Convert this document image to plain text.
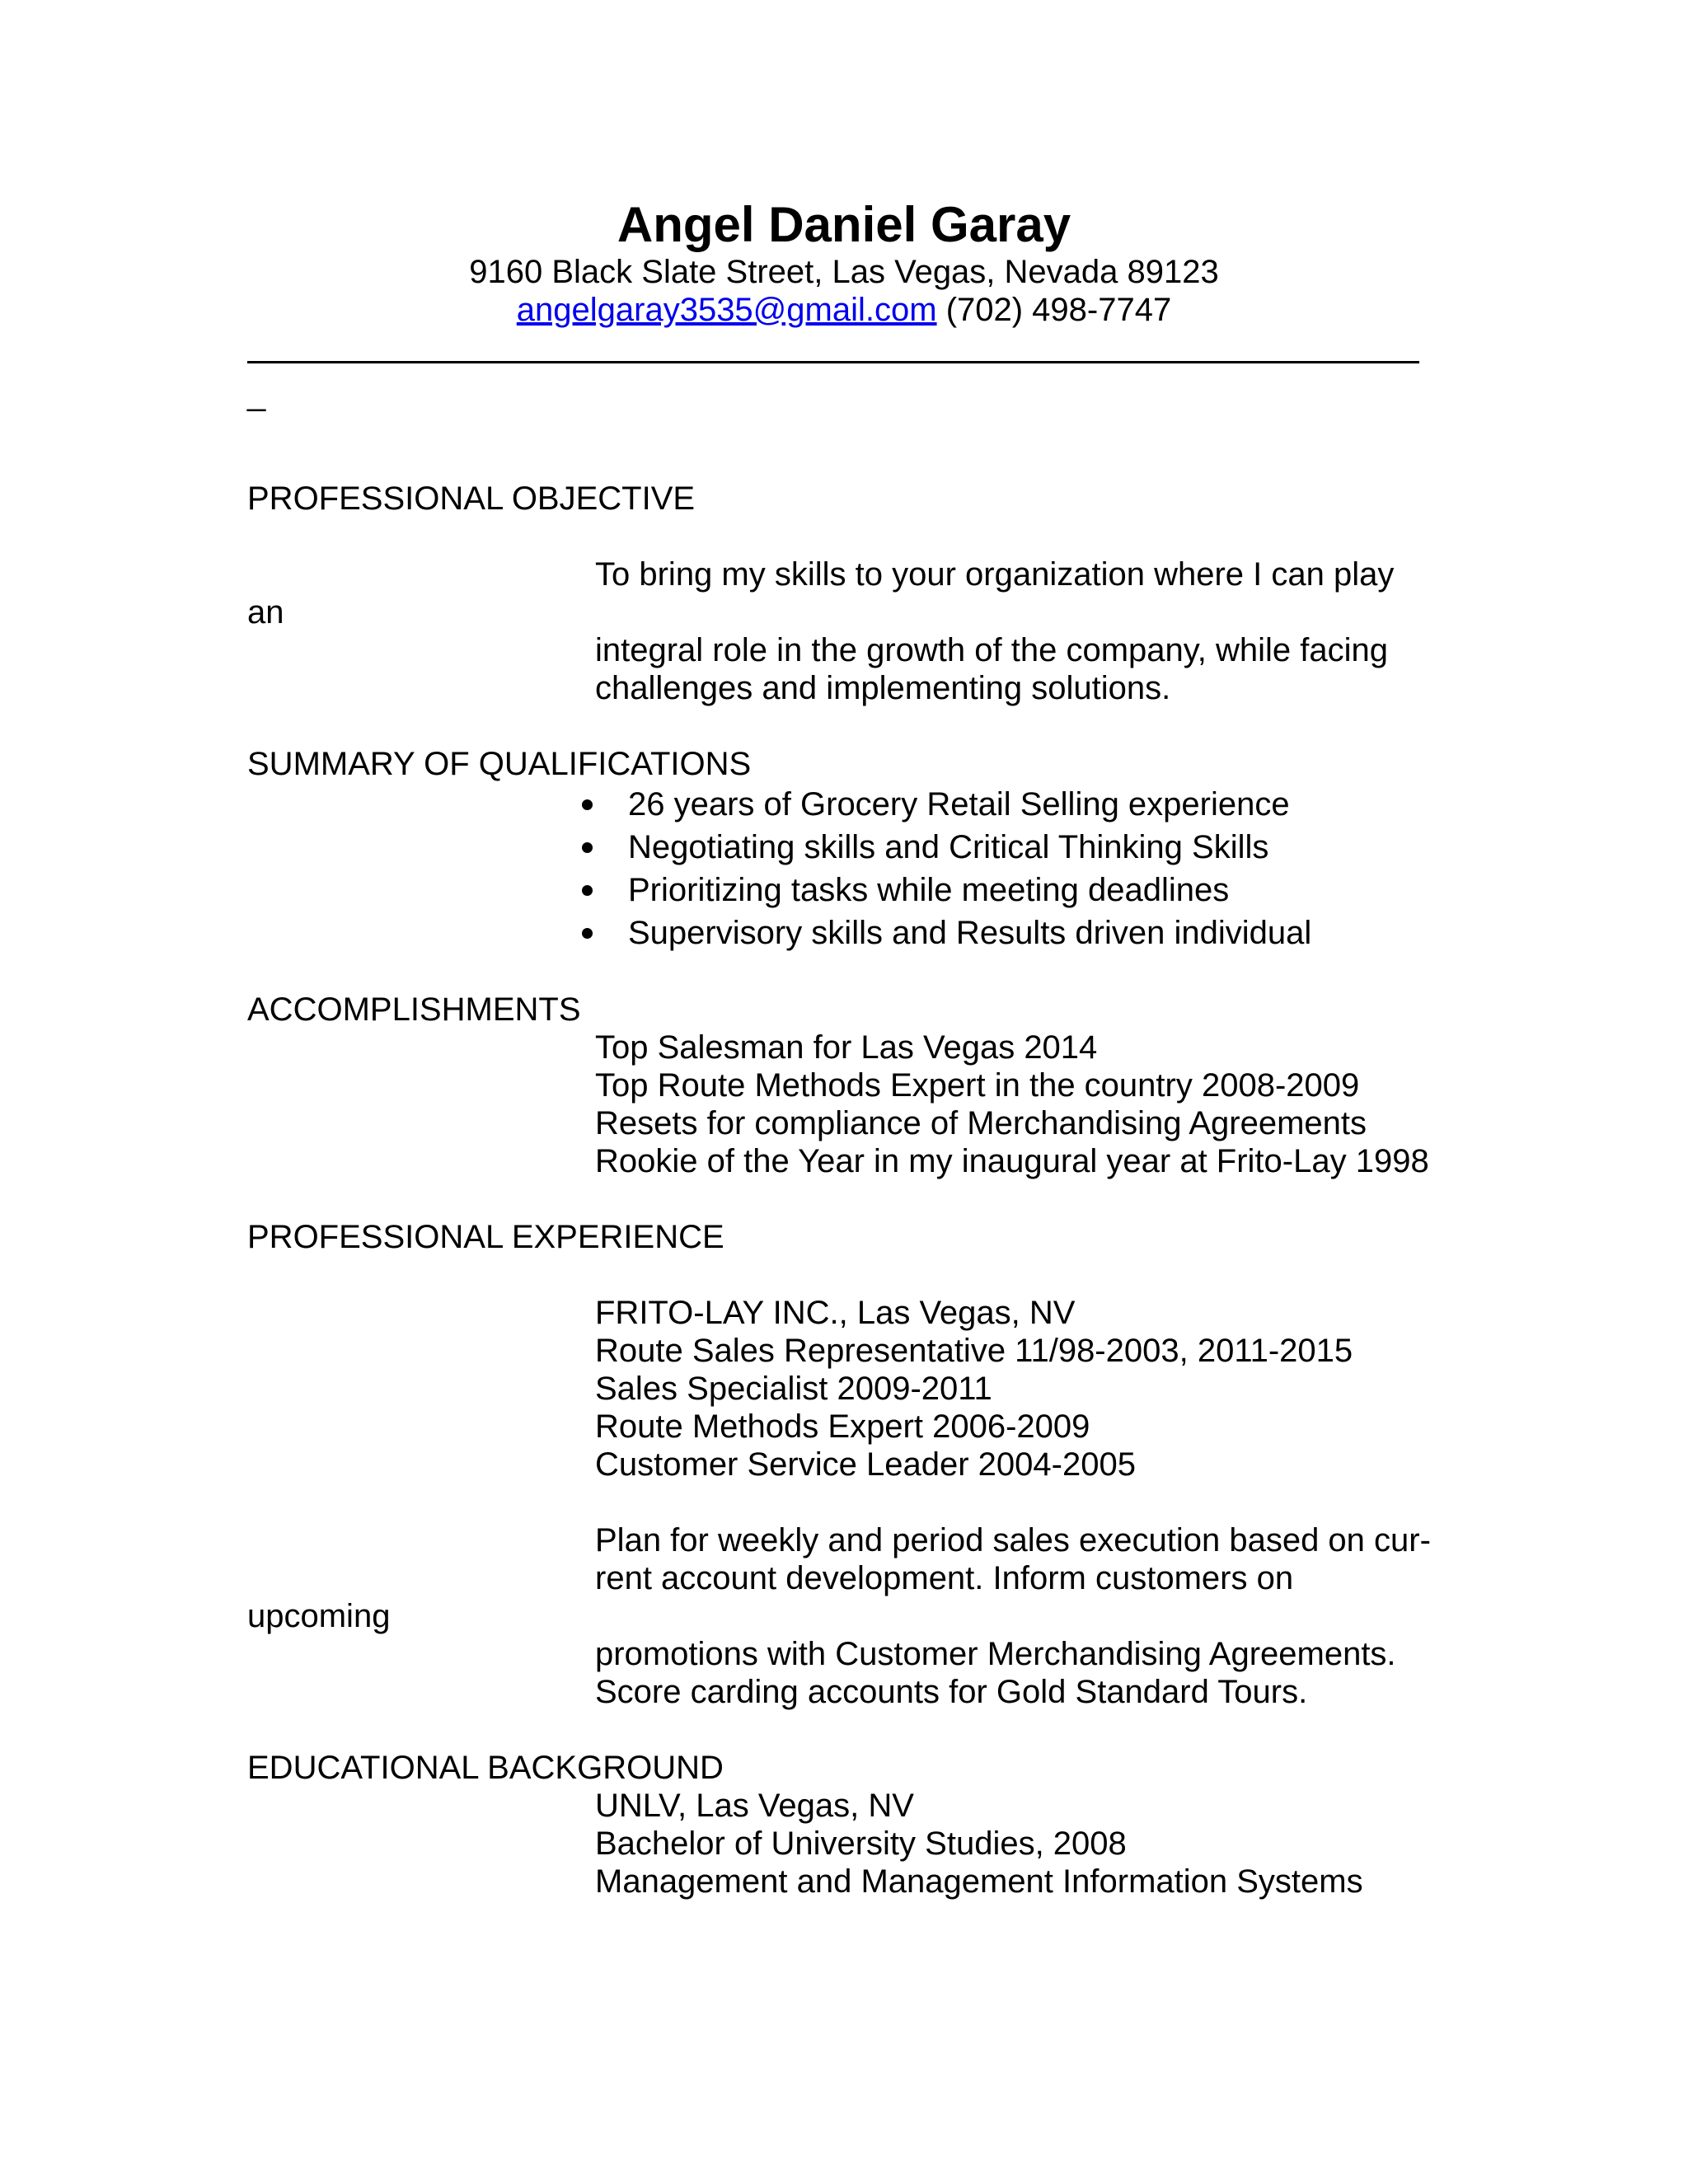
Angel Daniel Garay
9160 Black Slate Street, Las Vegas, Nevada 89123
angelgaray3535@gmail.com (702) 498-7747
_
PROFESSIONAL OBJECTIVE
To bring my skills to your organization where I can play
an
integral role in the growth of the company, while facing
challenges and implementing solutions.
SUMMARY OF QUALIFICATIONS
26 years of Grocery Retail Selling experience
Negotiating skills and Critical Thinking Skills
Prioritizing tasks while meeting deadlines
Supervisory skills and Results driven individual
ACCOMPLISHMENTS
Top Salesman for Las Vegas 2014
Top Route Methods Expert in the country 2008-2009
Resets for compliance of Merchandising Agreements
Rookie of the Year in my inaugural year at Frito-Lay 1998
PROFESSIONAL EXPERIENCE
FRITO-LAY INC., Las Vegas, NV
Route Sales Representative 11/98-2003, 2011-2015
Sales Specialist 2009-2011
Route Methods Expert 2006-2009
Customer Service Leader 2004-2005
Plan for weekly and period sales execution based on cur-
rent account development. Inform customers on
upcoming
promotions with Customer Merchandising Agreements.
Score carding accounts for Gold Standard Tours.
EDUCATIONAL BACKGROUND
UNLV, Las Vegas, NV
Bachelor of University Studies, 2008
Management and Management Information Systems
